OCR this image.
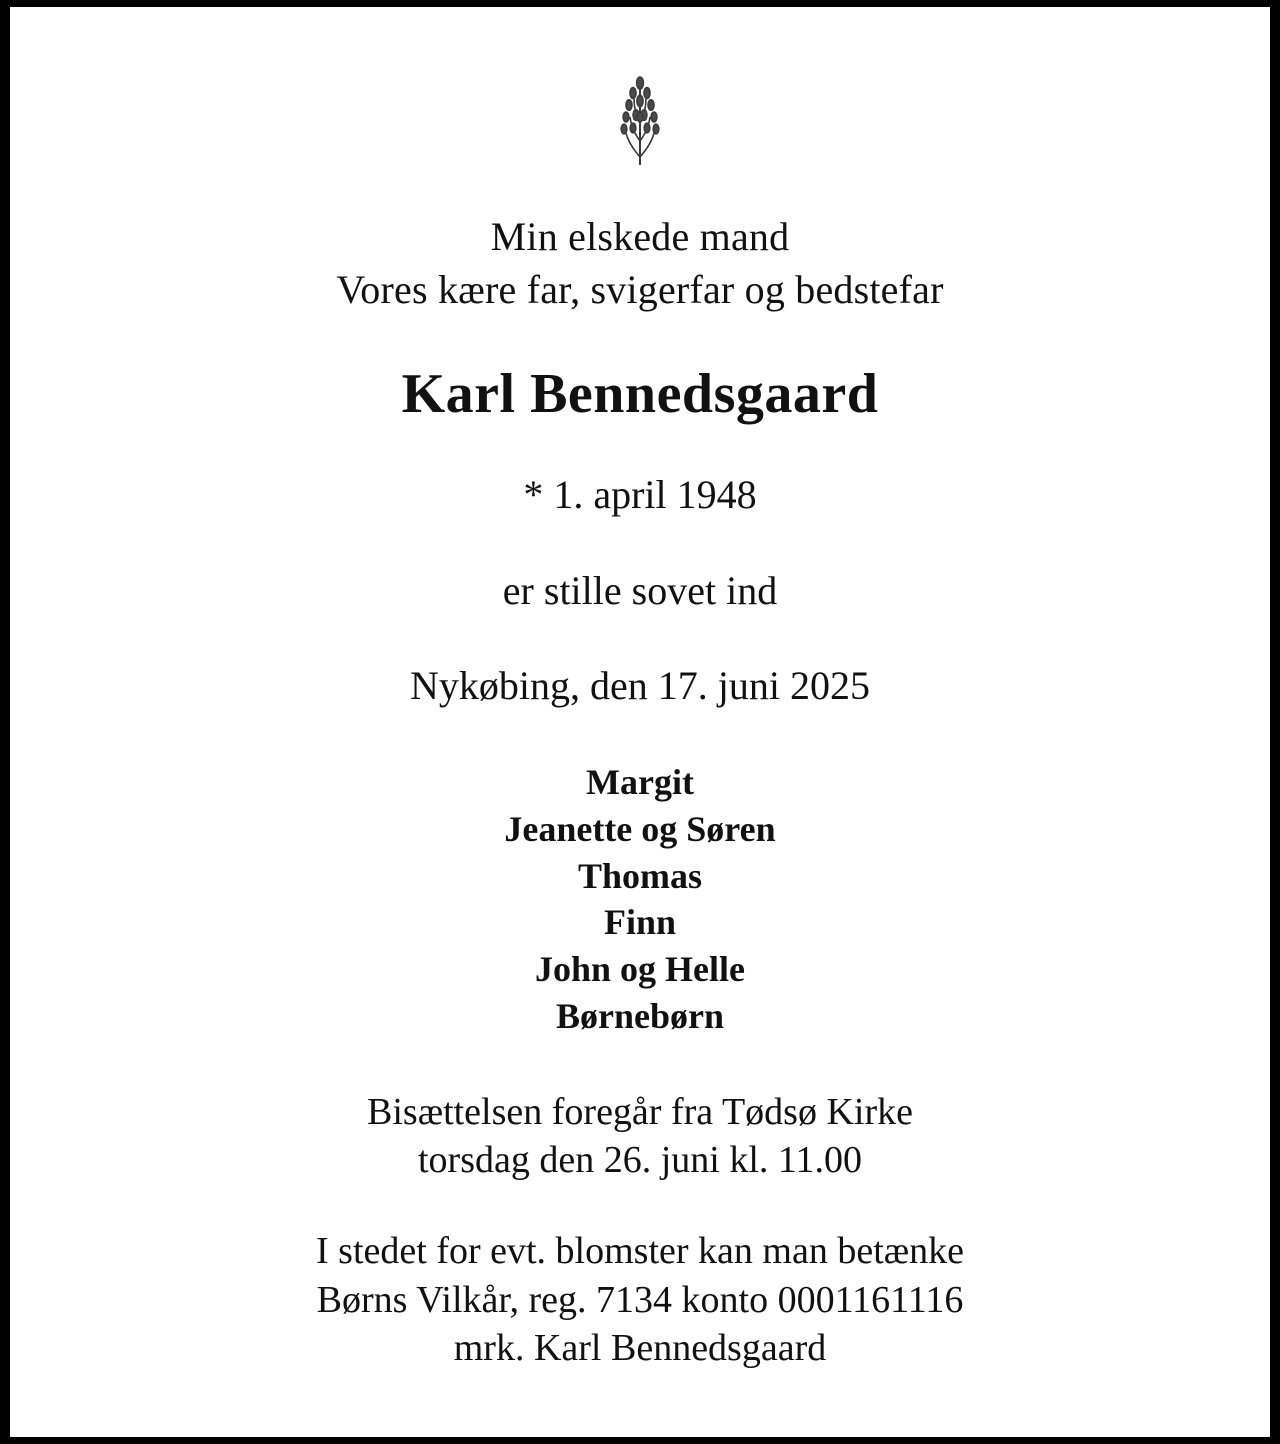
Min elskede mand
Vores kære far, svigerfar og bedstefar
Karl Bennedsgaard
* 1. april 1948
er stille sovet ind
Nykøbing, den 17. juni 2025
Margit
Jeanette og Søren
Thomas
Finn
John og Helle
Børnebørn
Bisættelsen foregår fra Tødsø Kirke
torsdag den 26. juni kl. 11.00
I stedet for evt. blomster kan man betænke
Børns Vilkår, reg. 7134 konto 0001161116
mrk. Karl Bennedsgaard
